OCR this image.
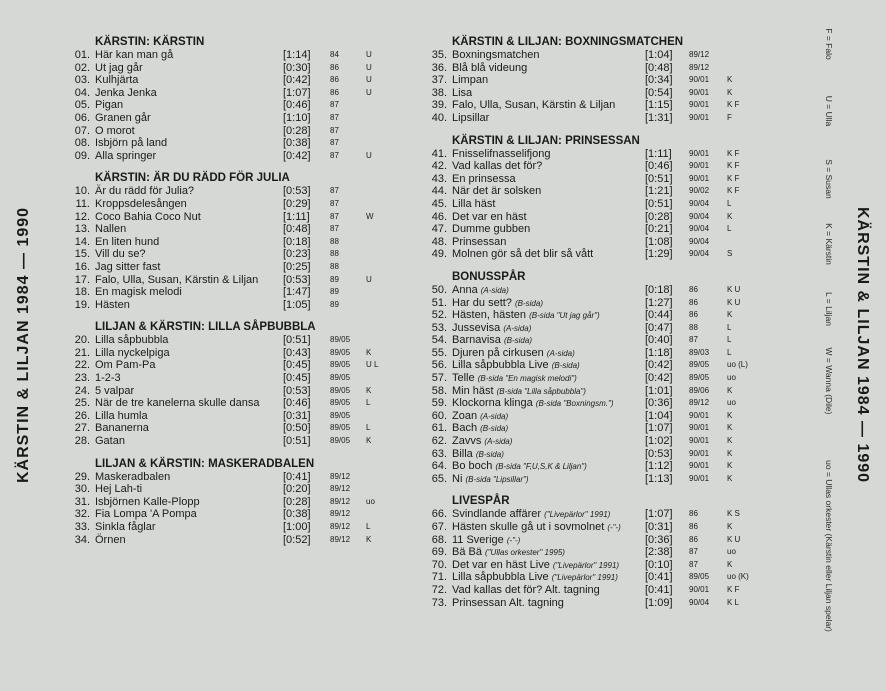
KÄRSTIN & LILJAN 1984 — 1990	KÄRSTIN & LILJAN 1984 — 1990
F = Falo
U = Ulla
S = Susan
K = Kärstin
L = Liljan
W = Wanna (Dile)
uo = Ullas orkester (Kärstin eller Liljan spelar)
KÄRSTIN: KÄRSTIN
01. Här kan man gå	[1:14] 84	U
02. Ut jag går	[0:30] 86	U
03. Kulhjärta	[0:42] 86	U
04. Jenka Jenka	[1:07] 86	U
05. Pigan	[0:46] 87
06. Granen går	[1:10] 87
07. O morot	[0:28] 87
08. Isbjörn på land	[0:38] 87
09. Alla springer	[0:42] 87	U
KÄRSTIN: ÄR DU RÄDD FÖR JULIA
10. Är du rädd för Julia?	[0:53] 87
11. Kroppsdelesången	[0:29] 87
12. Coco Bahia Coco Nut	[1:11]	87	W
13. Nallen	[0:48] 87
14. En liten hund	[0:18] 88
15. Vill du se?	[0:23] 88
16. Jag sitter fast	[0:25] 88
17. Falo, Ulla, Susan, Kärstin & Liljan [0:53] 89	U
18. En magisk melodi	[1:47] 89
19. Hästen	[1:05] 89
LILJAN & KÄRSTIN: LILLA SÅPBUBBLA
20. Lilla såpbubbla	[0:51] 89/05
21. Lilla nyckelpiga	[0:43] 89/05 K
22. Om Pam-Pa	[0:45] 89/05 U L
23. 1-2-3	[0:45] 89/05
24. 5 valpar	[0:53] 89/05 K
25. När de tre kanelerna skulle dansa [0:46] 89/05 L
26. Lilla humla	[0:31] 89/05
27. Bananerna	[0:50] 89/05 L
28. Gatan	[0:51] 89/05 K
LILJAN & KÄRSTIN: MASKERADBALEN
29. Maskeradbalen	[0:41] 89/12
30. Hej Lah-ti	[0:20] 89/12
31. Isbjörnen Kalle-Plopp	[0:28] 89/12 uo
32. Fia Lompa 'A Pompa	[0:38] 89/12
33. Sinkla fåglar	[1:00] 89/12 L
34. Örnen	[0:52] 89/12 K
KÄRSTIN & LILJAN: BOXNINGSMATCHEN
35. Boxningsmatchen	[1:04] 89/12
36. Blå blå videung	[0:48] 89/12
37. Limpan	[0:34] 90/01 K
38. Lisa	[0:54] 90/01 K
39. Falo, Ulla, Susan, Kärstin & Liljan	[1:15] 90/01 K F
40. Lipsillar	[1:31] 90/01 F
KÄRSTIN & LILJAN: PRINSESSAN
41. Fnisselifnasselifjong	[1:11] 90/01 K F
42. Vad kallas det för?	[0:46] 90/01 K F
43. En prinsessa	[0:51] 90/01 K F
44. När det är solsken	[1:21] 90/02 K F
45. Lilla häst	[0:51] 90/04 L
46. Det var en häst	[0:28] 90/04 K
47. Dumme gubben	[0:21] 90/04 L
48. Prinsessan	[1:08] 90/04
49. Molnen gör så det blir så vått	[1:29] 90/04 S
BONUSSPÅR
50. Anna (A-sida)	[0:18] 86	K U
51. Har du sett? (B-sida)	[1:27] 86	K U
52. Hästen, hästen (B-sida "Ut jag går")	[0:44] 86	K
53. Jussevisa (A-sida)	[0:47] 88	L
54. Barnavisa (B-sida)	[0:40] 87	L
55. Djuren på cirkusen (A-sida)	[1:18] 89/03 L
56. Lilla såpbubbla Live (B-sida)	[0:42] 89/05 uo (L)
57. Telle (B-sida "En magisk melodi")	[0:42] 89/05 uo
58. Min häst (B-sida "Lilla såpbubbla")	[1:01] 89/06 K
59. Klockorna klinga (B-sida "Boxningsm.")	[0:36] 89/12 uo
60. Zoan (A-sida)	[1:04] 90/01 K
61. Bach (B-sida)	[1:07] 90/01 K
62. Zavvs (A-sida)	[1:02] 90/01 K
63. Billa (B-sida)	[0:53] 90/01 K
64. Bo boch (B-sida "F,U,S,K & Liljan")	[1:12] 90/01 K
65. Ni (B-sida "Lipsillar")	[1:13] 90/01 K
LIVESPÅR
66. Svindlande affärer ("Livepärlor" 1991)	[1:07] 86	K S
67. Hästen skulle gå ut i sovmolnet (-"-) [0:31] 86	K
68. 11 Sverige (-"-)	[0:36] 86	K U
69. Bä Bä ("Ullas orkester" 1995)	[2:38] 87	uo
70. Det var en häst Live ("Livepärlor" 1991) [0:10] 87	K
71. Lilla såpbubbla Live ("Livepärlor" 1991) [0:41] 89/05 uo (K)
72. Vad kallas det för? Alt. tagning	[0:41] 90/01 K F
73. Prinsessan Alt. tagning	[1:09] 90/04 K L
